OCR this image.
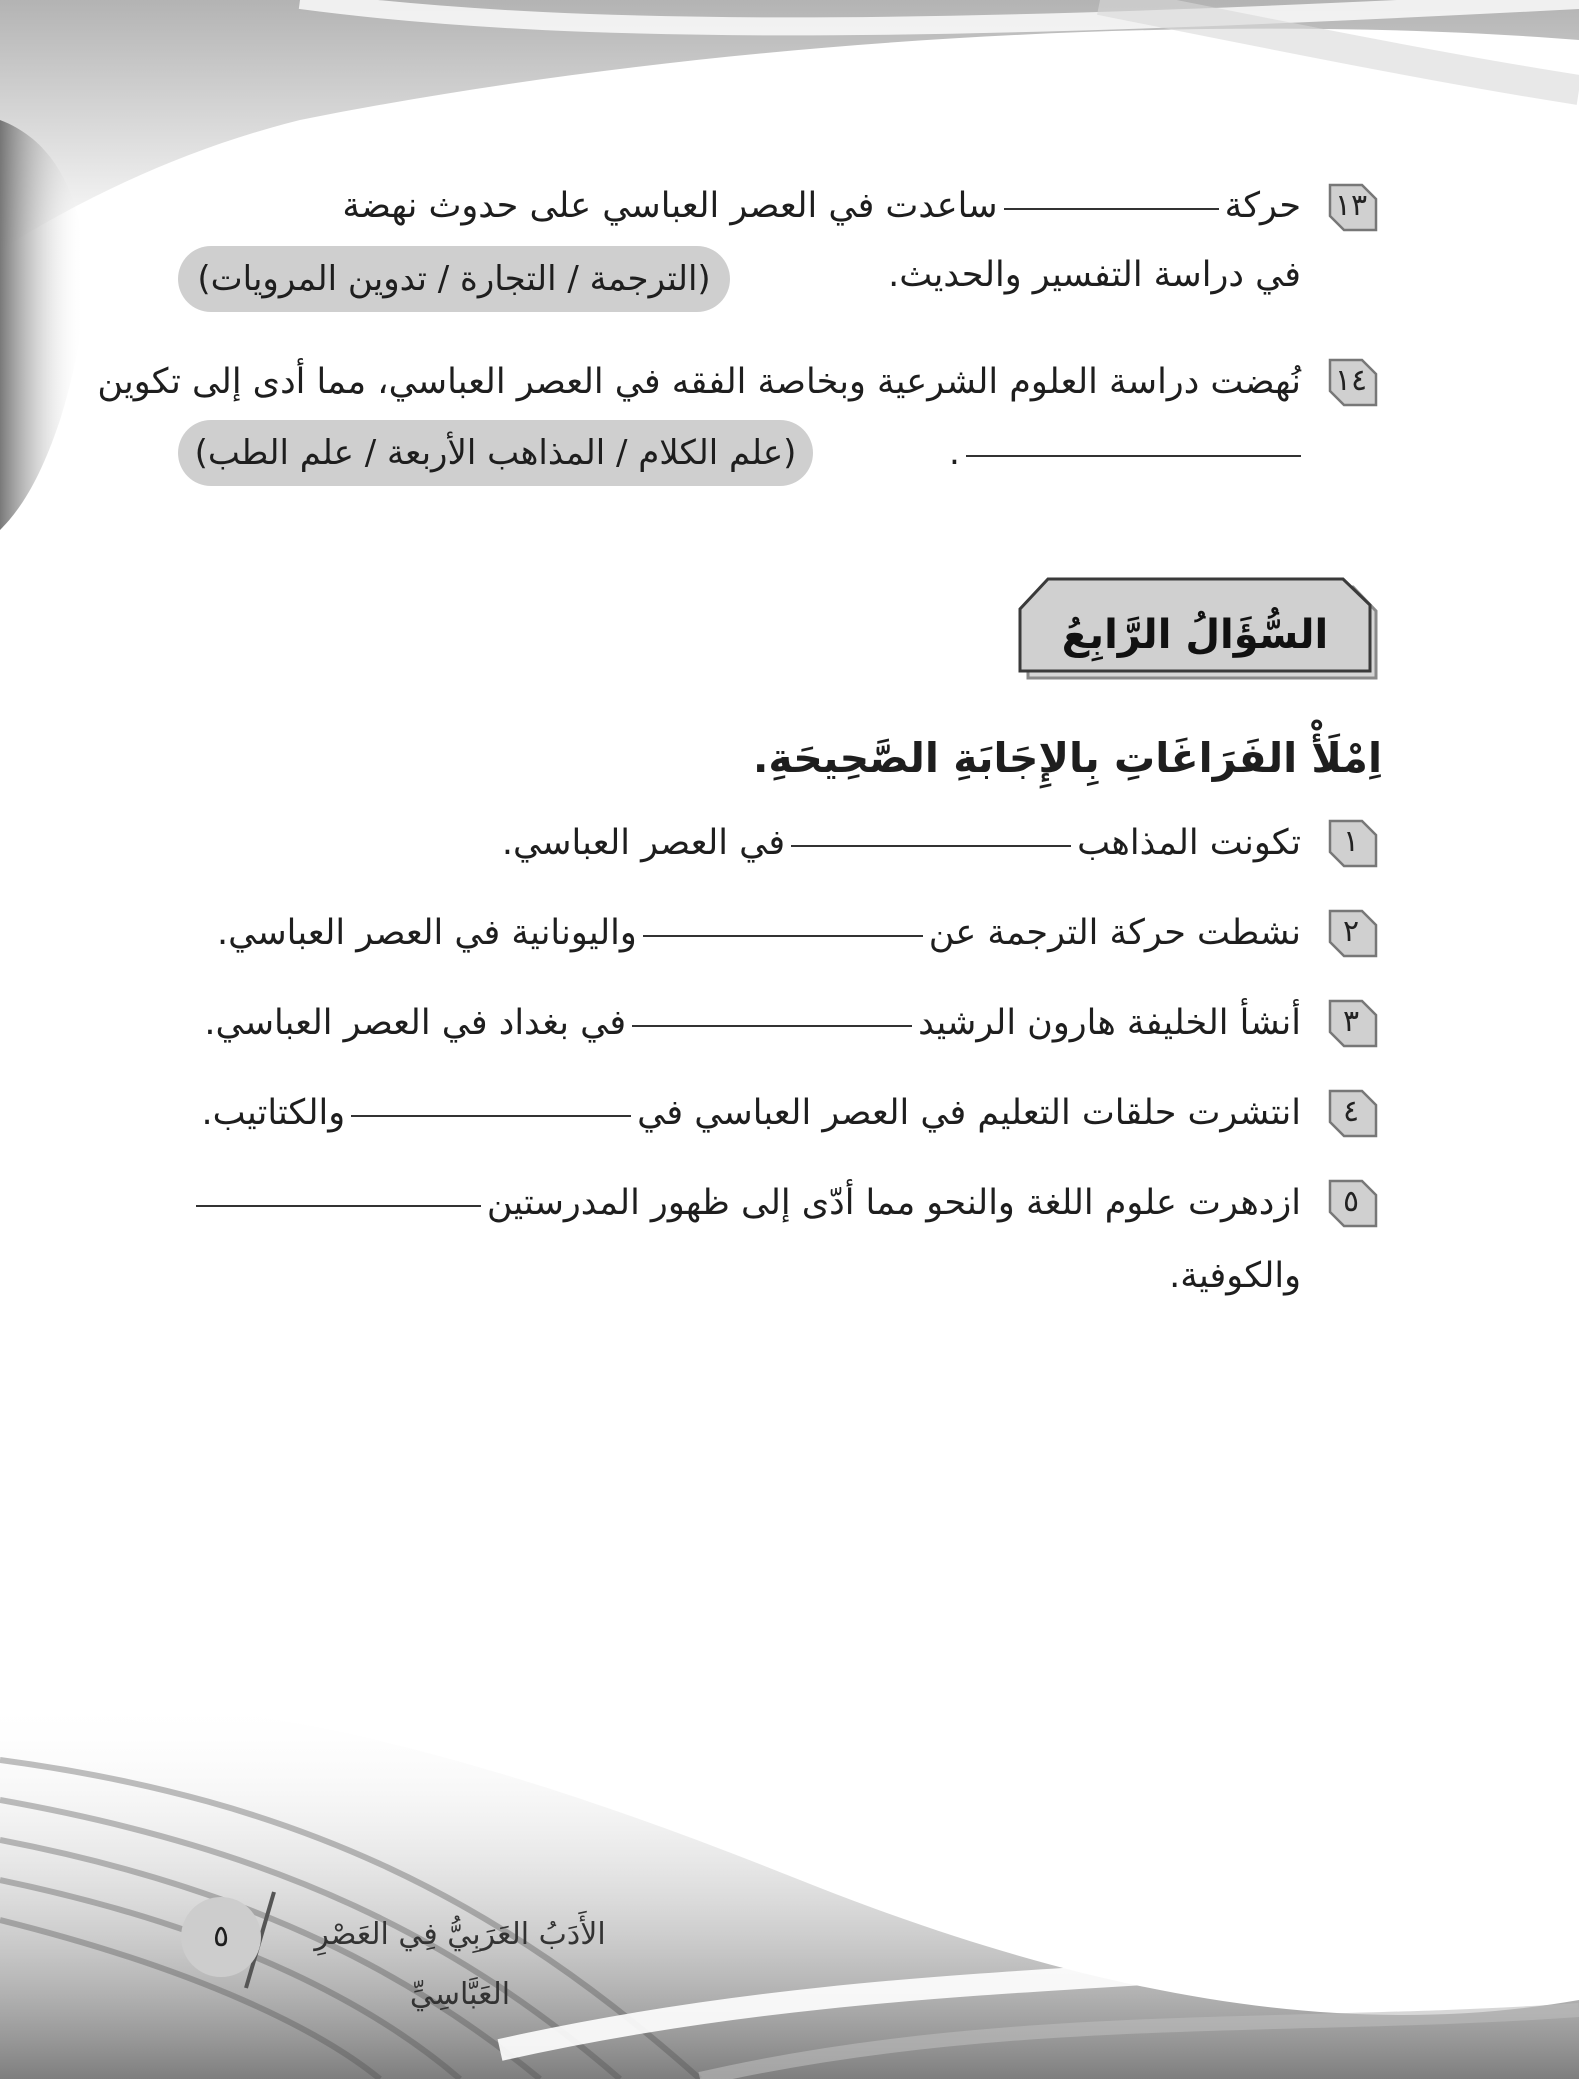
١٣
حركةساعدت في العصر العباسي على حدوث نهضة
في دراسة التفسير والحديث.
(الترجمة / التجارة / تدوين المرويات)
١٤
نُهضت دراسة العلوم الشرعية وبخاصة الفقه في العصر العباسي، مما أدى إلى تكوين
.
(علم الكلام / المذاهب الأربعة / علم الطب)
السُّؤَالُ الرَّابِعُ
اِمْلَأْ الفَرَاغَاتِ بِالإِجَابَةِ الصَّحِيحَةِ.
١
تكونت المذاهبفي العصر العباسي.
٢
نشطت حركة الترجمة عنواليونانية في العصر العباسي.
٣
أنشأ الخليفة هارون الرشيدفي بغداد في العصر العباسي.
٤
انتشرت حلقات التعليم في العصر العباسي فيوالكتاتيب.
٥
ازدهرت علوم اللغة والنحو مما أدّى إلى ظهور المدرستين
والكوفية.
٥	الأَدَبُ العَرَبِيُّ فِي العَصْرِ العَبَّاسِيِّ
